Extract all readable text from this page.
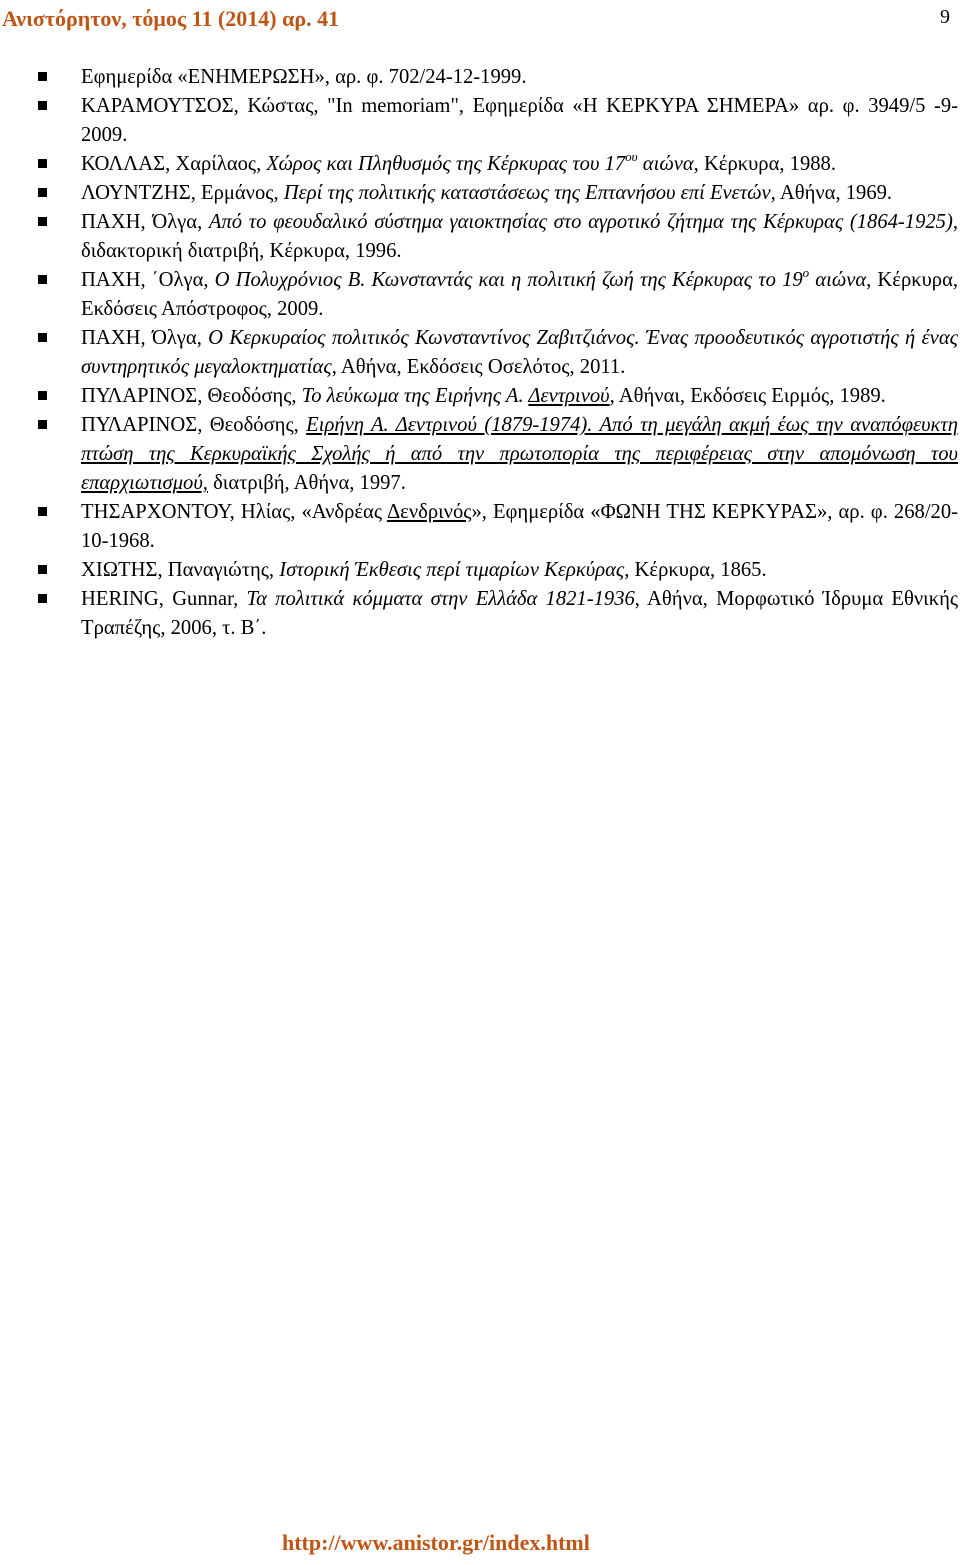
Ανιστόρητον, τόμος 11 (2014) αρ. 41	9
Εφημερίδα «ΕΝΗΜΕΡΩΣΗ», αρ. φ. 702/24-12-1999.
ΚΑΡΑΜΟΥΤΣΟΣ, Κώστας, "In memoriam", Εφημερίδα «Η ΚΕΡΚΥΡΑ ΣΗΜΕΡΑ» αρ. φ. 3949/5 -9-2009.
ΚΟΛΛΑΣ, Χαρίλαος, Χώρος και Πληθυσμός της Κέρκυρας του $17^{o\upsilon}$ αιώνα, Κέρκυρα, 1988.
ΛΟΥΝΤΖΗΣ, Ερμάνος, Περί της πολιτικής καταστάσεως της Επτανήσου επί Ενετών, Αθήνα, 1969.
ΠΑΧΗ, Όλγα, Από το φεουδαλικό σύστημα γαιοκτησίας στο αγροτικό ζήτημα της Κέρκυρας (1864-1925), διδακτορική διατριβή, Κέρκυρα, 1996.
ΠΑΧΗ, ΄Ολγα, Ο Πολυχρόνιος Β. Κωνσταντάς και η πολιτική ζωή της Κέρκυρας το $19^o$ αιώνα, Κέρκυρα, Εκδόσεις Απόστροφος, 2009.
ΠΑΧΗ, Όλγα, Ο Κερκυραίος πολιτικός Κωνσταντίνος Ζαβιτζιάνος. Ένας προοδευτικός αγροτιστής ή ένας συντηρητικός μεγαλοκτηματίας, Αθήνα, Εκδόσεις Οσελότος, 2011.
ΠΥΛΑΡΙΝΟΣ, Θεοδόσης, Το λεύκωμα της Ειρήνης Α. Δεντρινού, Αθήναι, Εκδόσεις Ειρμός, 1989.
ΠΥΛΑΡΙΝΟΣ, Θεοδόσης, Ειρήνη Α. Δεντρινού (1879-1974). Από τη μεγάλη ακμή έως την αναπόφευκτη πτώση της Κερκυραϊκής Σχολής ή από την πρωτοπορία της περιφέρειας στην απομόνωση του επαρχιωτισμού, διατριβή, Αθήνα, 1997.
ΤΗΣΑΡΧΟΝΤΟΥ, Ηλίας, «Ανδρέας Δενδρινός», Εφημερίδα «ΦΩΝΗ ΤΗΣ ΚΕΡΚΥΡΑΣ», αρ. φ. 268/20-10-1968.
ΧΙΩΤΗΣ, Παναγιώτης, Ιστορική Έκθεσις περί τιμαρίων Κερκύρας, Κέρκυρα, 1865.
HERING, Gunnar, Τα πολιτικά κόμματα στην Ελλάδα 1821-1936, Αθήνα, Μορφωτικό Ίδρυμα Εθνικής Τραπέζης, 2006, τ. Β΄.
http://www.anistor.gr/index.html
